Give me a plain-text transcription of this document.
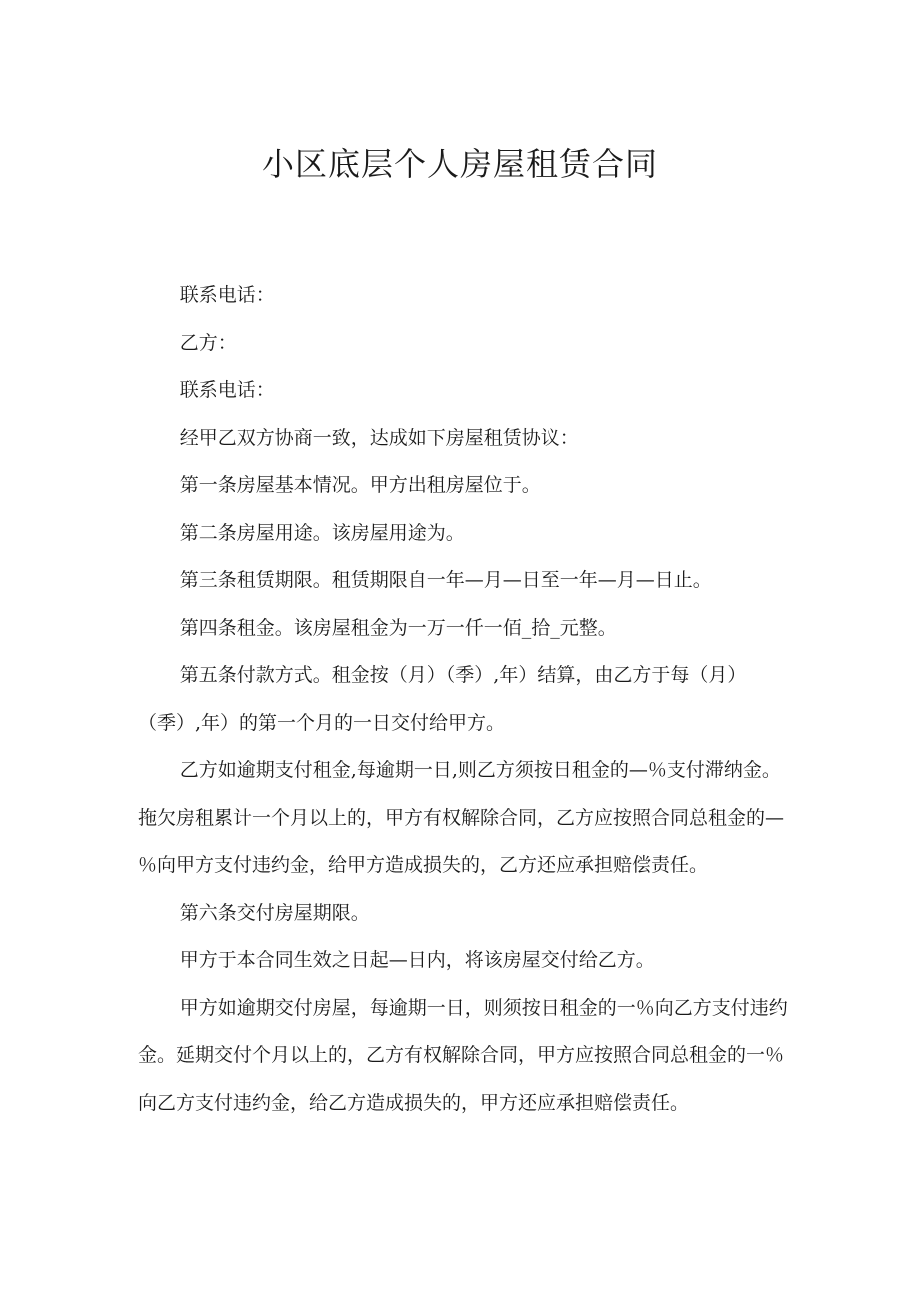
小区底层个人房屋租赁合同

联系电话：

乙方：

联系电话：

经甲乙双方协商一致，达成如下房屋租赁协议：

第一条房屋基本情况。甲方出租房屋位于。

第二条房屋用途。该房屋用途为。

第三条租赁期限。租赁期限自一年—月—日至一年—月—日止。

第四条租金。该房屋租金为一万一仟一佰_拾_元整。

第五条付款方式。租金按（月）（季）,年）结算，由乙方于每（月）（季）,年）的第一个月的一日交付给甲方。

乙方如逾期支付租金,每逾期一日,则乙方须按日租金的—％支付滞纳金。拖欠房租累计一个月以上的，甲方有权解除合同，乙方应按照合同总租金的—％向甲方支付违约金，给甲方造成损失的，乙方还应承担赔偿责任。

第六条交付房屋期限。

甲方于本合同生效之日起—日内，将该房屋交付给乙方。

甲方如逾期交付房屋，每逾期一日，则须按日租金的一％向乙方支付违约金。延期交付个月以上的，乙方有权解除合同，甲方应按照合同总租金的一％向乙方支付违约金，给乙方造成损失的，甲方还应承担赔偿责任。
